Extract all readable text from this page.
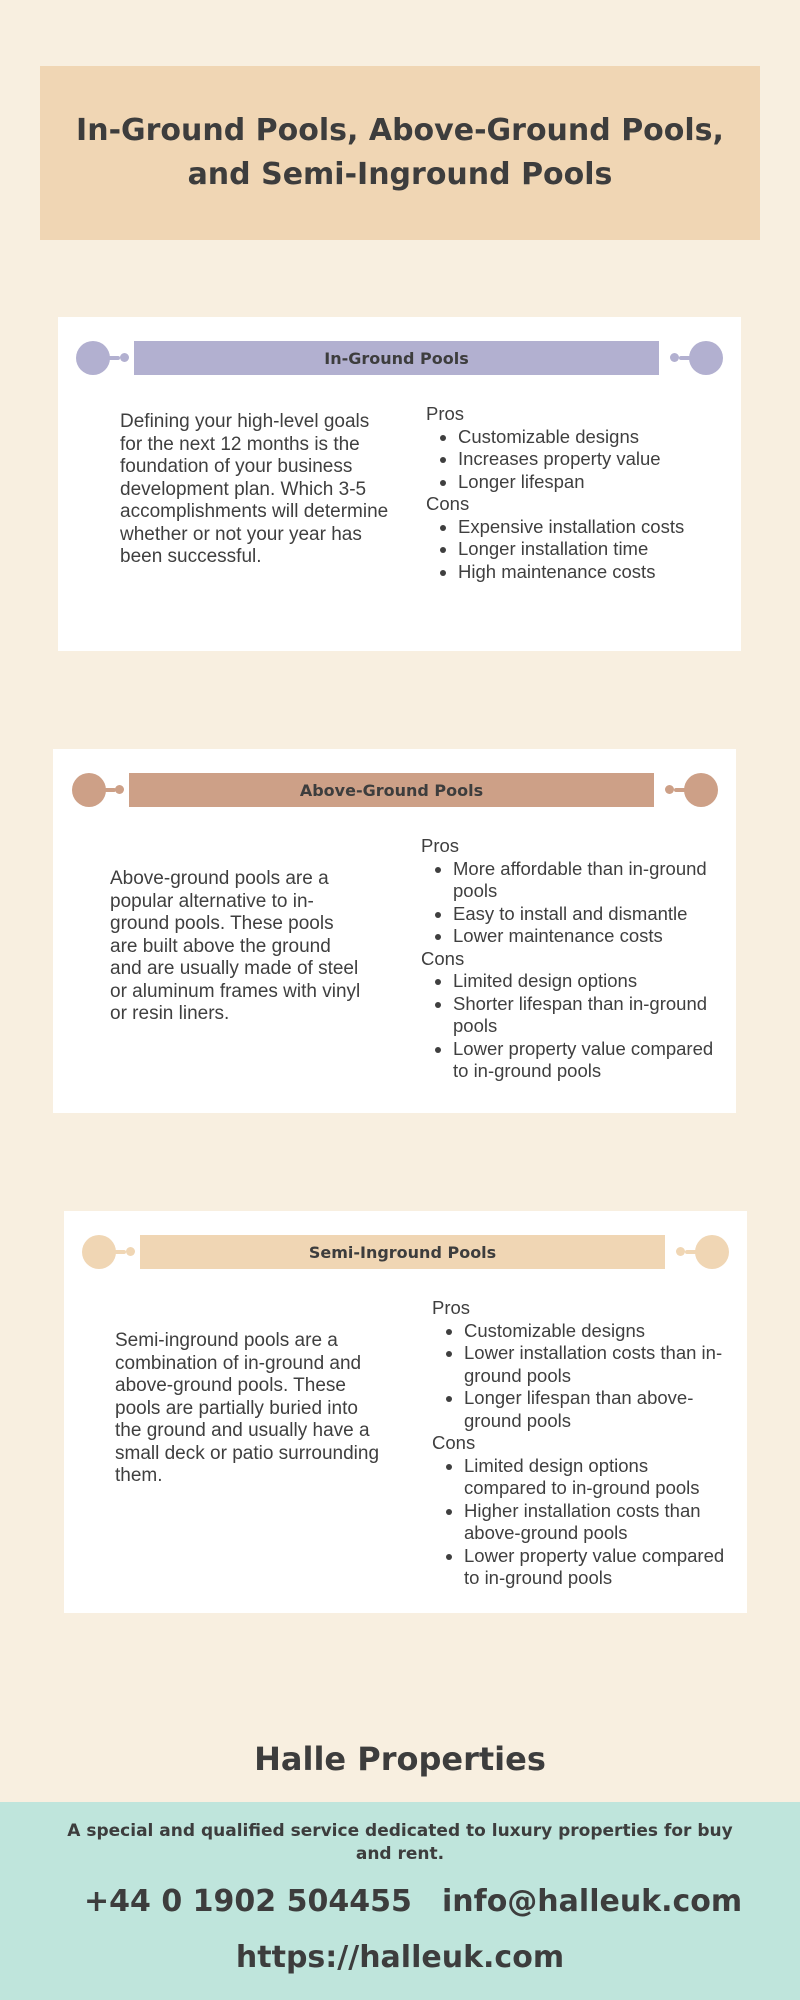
In-Ground Pools, Above-Ground Pools, and Semi-Inground Pools
In-Ground Pools

Defining your high-level goals for the next 12 months is the foundation of your business development plan. Which 3-5 accomplishments will determine whether or not your year has been successful.

Pros

• Customizable designs
• Increases property value
• Longer lifespan

Cons

• Expensive installation costs
• Longer installation time
• High maintenance costs
Above-Ground Pools

Above-ground pools are a popular alternative to in-ground pools. These pools are built above the ground and are usually made of steel or aluminum frames with vinyl or resin liners.

Pros

• More affordable than in-ground pools
• Easy to install and dismantle
• Lower maintenance costs

Cons

• Limited design options
• Shorter lifespan than in-ground pools
• Lower property value compared to in-ground pools
Semi-Inground Pools

Semi-inground pools are a combination of in-ground and above-ground pools. These pools are partially buried into the ground and usually have a small deck or patio surrounding them.

Pros

• Customizable designs
• Lower installation costs than in-ground pools
• Longer lifespan than above-ground pools

Cons

• Limited design options compared to in-ground pools
• Higher installation costs than above-ground pools
• Lower property value compared to in-ground pools
Halle Properties
A special and qualified service dedicated to luxury properties for buy and rent.
+44 0 1902 504455 info@halleuk.com
https://halleuk.com
